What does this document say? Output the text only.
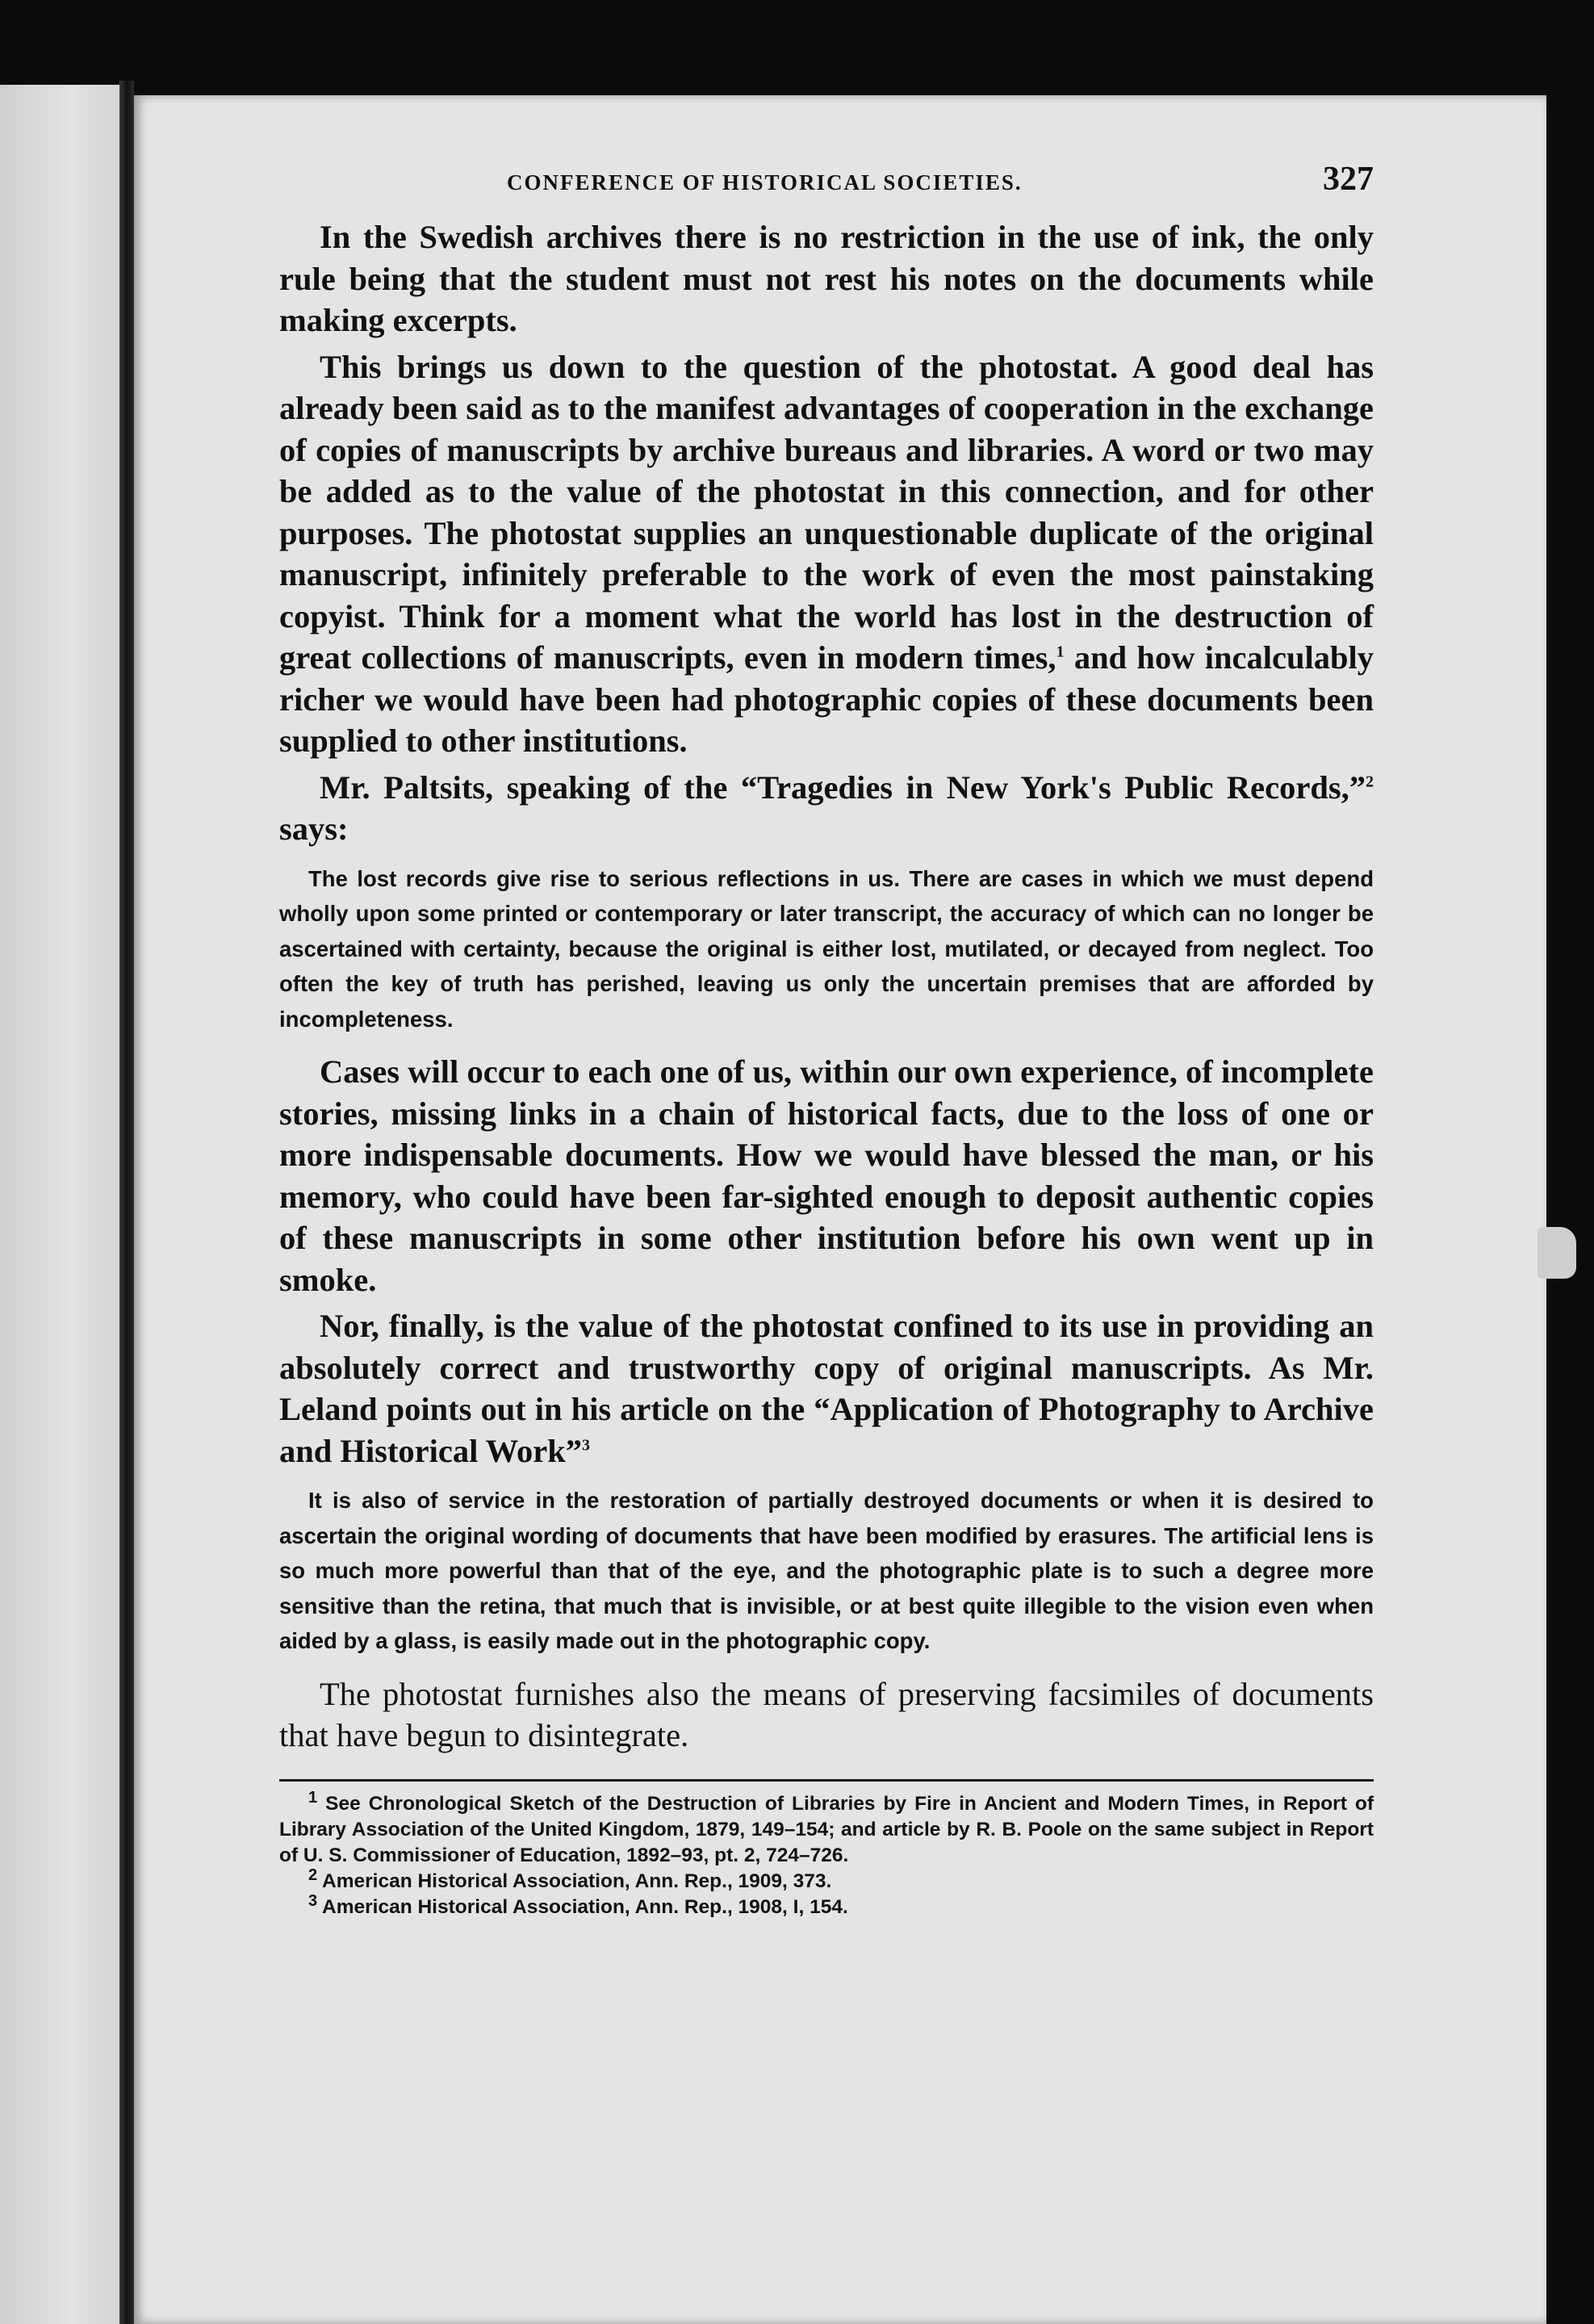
CONFERENCE OF HISTORICAL SOCIETIES.	327

In the Swedish archives there is no restriction in the use of ink, the only rule being that the student must not rest his notes on the documents while making excerpts.

This brings us down to the question of the photostat. A good deal has already been said as to the manifest advantages of cooperation in the exchange of copies of manuscripts by archive bureaus and libraries. A word or two may be added as to the value of the photostat in this connection, and for other purposes. The photostat supplies an unquestionable duplicate of the original manuscript, infinitely preferable to the work of even the most painstaking copyist. Think for a moment what the world has lost in the destruction of great collections of manuscripts, even in modern times,$^1$ and how incalculably richer we would have been had photographic copies of these documents been supplied to other institutions.

Mr. Paltsits, speaking of the “Tragedies in New York's Public Records,”$^2$ says:

The lost records give rise to serious reflections in us. There are cases in which we must depend wholly upon some printed or contemporary or later transcript, the accuracy of which can no longer be ascertained with certainty, because the original is either lost, mutilated, or decayed from neglect. Too often the key of truth has perished, leaving us only the uncertain premises that are afforded by incompleteness.

Cases will occur to each one of us, within our own experience, of incomplete stories, missing links in a chain of historical facts, due to the loss of one or more indispensable documents. How we would have blessed the man, or his memory, who could have been far-sighted enough to deposit authentic copies of these manuscripts in some other institution before his own went up in smoke.

Nor, finally, is the value of the photostat confined to its use in providing an absolutely correct and trustworthy copy of original manuscripts. As Mr. Leland points out in his article on the “Application of Photography to Archive and Historical Work”$^3$

It is also of service in the restoration of partially destroyed documents or when it is desired to ascertain the original wording of documents that have been modified by erasures. The artificial lens is so much more powerful than that of the eye, and the photographic plate is to such a degree more sensitive than the retina, that much that is invisible, or at best quite illegible to the vision even when aided by a glass, is easily made out in the photographic copy.

The photostat furnishes also the means of preserving facsimiles of documents that have begun to disintegrate.

$^1$ See Chronological Sketch of the Destruction of Libraries by Fire in Ancient and Modern Times, in Report of Library Association of the United Kingdom, 1879, 149–154; and article by R. B. Poole on the same subject in Report of U. S. Commissioner of Education, 1892–93, pt. 2, 724–726.

$^2$ American Historical Association, Ann. Rep., 1909, 373.

$^3$ American Historical Association, Ann. Rep., 1908, I, 154.
